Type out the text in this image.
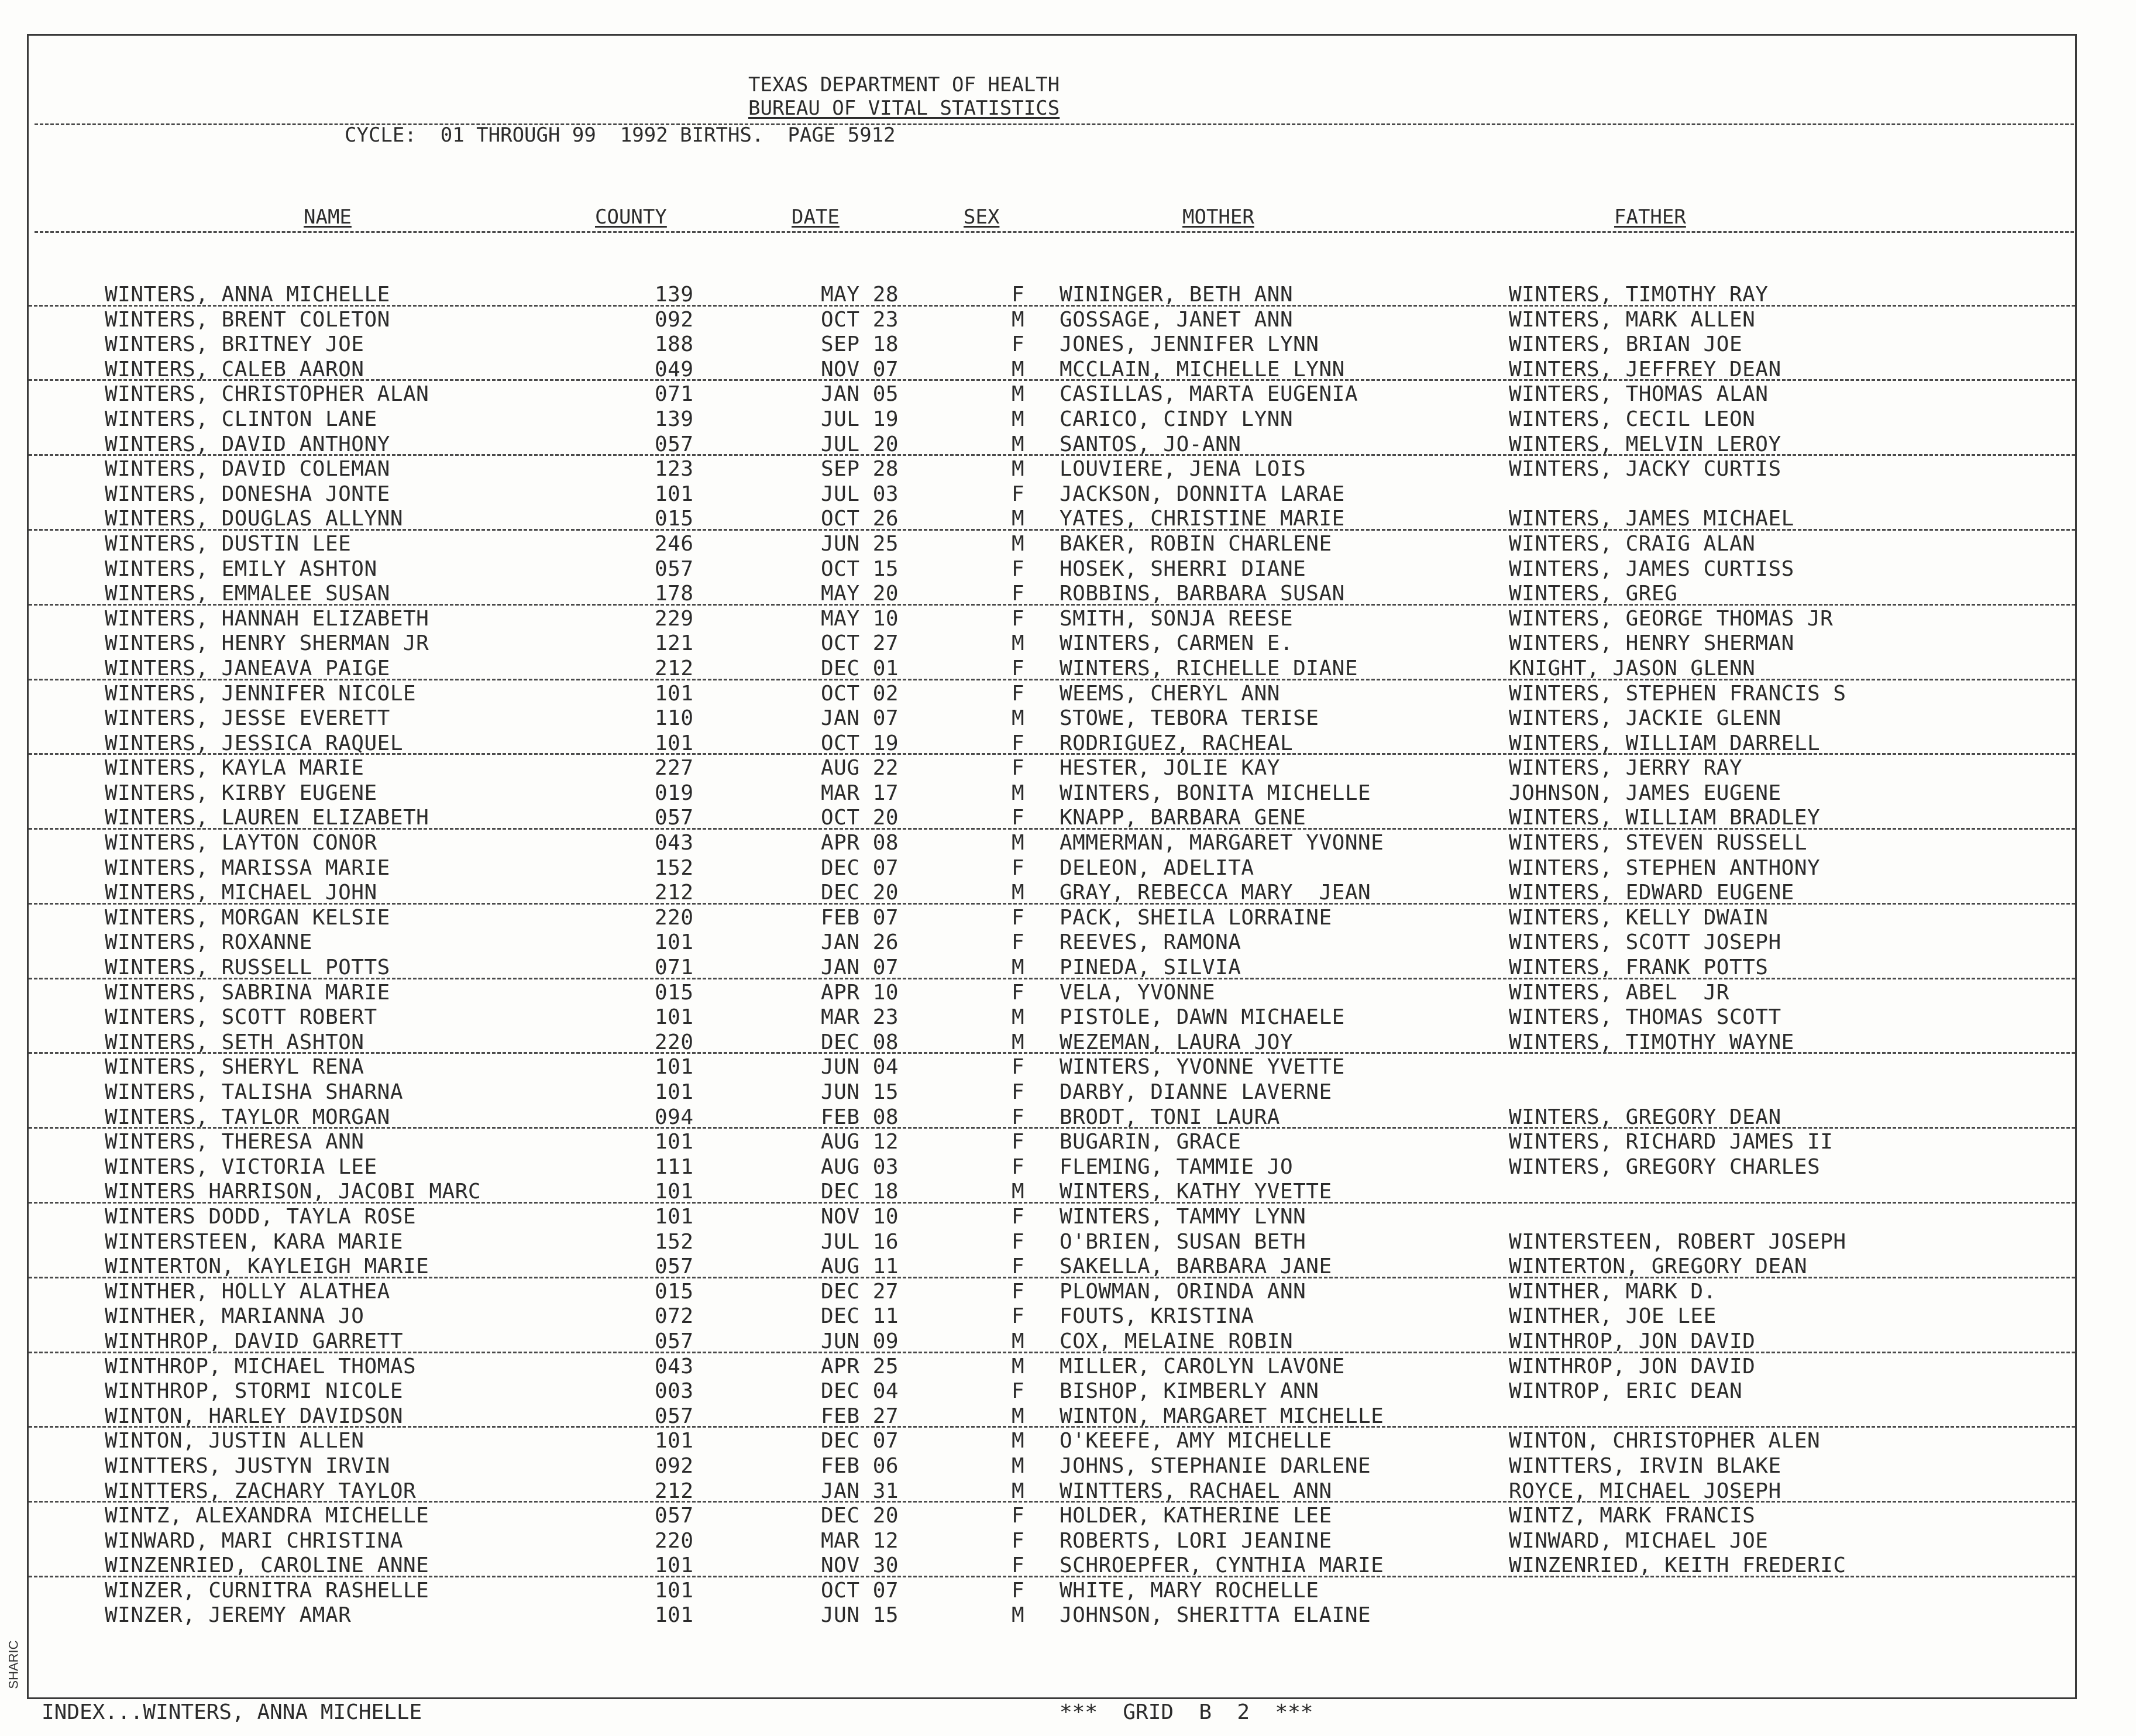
SHARIC
TEXAS DEPARTMENT OF HEALTH
BUREAU OF VITAL STATISTICS
CYCLE:  01 THROUGH 99  1992 BIRTHS.  PAGE 5912
NAME	COUNTY	DATE	SEX	MOTHER	FATHER
WINTERS, ANNA MICHELLE	139	MAY 28	F WININGER, BETH ANN	WINTERS, TIMOTHY RAY
WINTERS, BRENT COLETON	092	OCT 23	M GOSSAGE, JANET ANN	WINTERS, MARK ALLEN
WINTERS, BRITNEY JOE	188	SEP 18	F JONES, JENNIFER LYNN	WINTERS, BRIAN JOE
WINTERS, CALEB AARON	049	NOV 07	M MCCLAIN, MICHELLE LYNN	WINTERS, JEFFREY DEAN
WINTERS, CHRISTOPHER ALAN	071	JAN 05	M CASILLAS, MARTA EUGENIA	WINTERS, THOMAS ALAN
WINTERS, CLINTON LANE	139	JUL 19	M CARICO, CINDY LYNN	WINTERS, CECIL LEON
WINTERS, DAVID ANTHONY	057	JUL 20	M SANTOS, JO-ANN	WINTERS, MELVIN LEROY
WINTERS, DAVID COLEMAN	123	SEP 28	M LOUVIERE, JENA LOIS	WINTERS, JACKY CURTIS
WINTERS, DONESHA JONTE	101	JUL 03	F JACKSON, DONNITA LARAE
WINTERS, DOUGLAS ALLYNN	015	OCT 26	M YATES, CHRISTINE MARIE	WINTERS, JAMES MICHAEL
WINTERS, DUSTIN LEE	246	JUN 25	M BAKER, ROBIN CHARLENE	WINTERS, CRAIG ALAN
WINTERS, EMILY ASHTON	057	OCT 15	F HOSEK, SHERRI DIANE	WINTERS, JAMES CURTISS
WINTERS, EMMALEE SUSAN	178	MAY 20	F ROBBINS, BARBARA SUSAN	WINTERS, GREG
WINTERS, HANNAH ELIZABETH	229	MAY 10	F SMITH, SONJA REESE	WINTERS, GEORGE THOMAS JR
WINTERS, HENRY SHERMAN JR	121	OCT 27	M WINTERS, CARMEN E.	WINTERS, HENRY SHERMAN
WINTERS, JANEAVA PAIGE	212	DEC 01	F WINTERS, RICHELLE DIANE	KNIGHT, JASON GLENN
WINTERS, JENNIFER NICOLE	101	OCT 02	F WEEMS, CHERYL ANN	WINTERS, STEPHEN FRANCIS S
WINTERS, JESSE EVERETT	110	JAN 07	M STOWE, TEBORA TERISE	WINTERS, JACKIE GLENN
WINTERS, JESSICA RAQUEL	101	OCT 19	F RODRIGUEZ, RACHEAL	WINTERS, WILLIAM DARRELL
WINTERS, KAYLA MARIE	227	AUG 22	F HESTER, JOLIE KAY	WINTERS, JERRY RAY
WINTERS, KIRBY EUGENE	019	MAR 17	M WINTERS, BONITA MICHELLE	JOHNSON, JAMES EUGENE
WINTERS, LAUREN ELIZABETH	057	OCT 20	F KNAPP, BARBARA GENE	WINTERS, WILLIAM BRADLEY
WINTERS, LAYTON CONOR	043	APR 08	M AMMERMAN, MARGARET YVONNE	WINTERS, STEVEN RUSSELL
WINTERS, MARISSA MARIE	152	DEC 07	F DELEON, ADELITA	WINTERS, STEPHEN ANTHONY
WINTERS, MICHAEL JOHN	212	DEC 20	M GRAY, REBECCA MARY  JEAN	WINTERS, EDWARD EUGENE
WINTERS, MORGAN KELSIE	220	FEB 07	F PACK, SHEILA LORRAINE	WINTERS, KELLY DWAIN
WINTERS, ROXANNE	101	JAN 26	F REEVES, RAMONA	WINTERS, SCOTT JOSEPH
WINTERS, RUSSELL POTTS	071	JAN 07	M PINEDA, SILVIA	WINTERS, FRANK POTTS
WINTERS, SABRINA MARIE	015	APR 10	F VELA, YVONNE	WINTERS, ABEL  JR
WINTERS, SCOTT ROBERT	101	MAR 23	M PISTOLE, DAWN MICHAELE	WINTERS, THOMAS SCOTT
WINTERS, SETH ASHTON	220	DEC 08	M WEZEMAN, LAURA JOY	WINTERS, TIMOTHY WAYNE
WINTERS, SHERYL RENA	101	JUN 04	F WINTERS, YVONNE YVETTE
WINTERS, TALISHA SHARNA	101	JUN 15	F DARBY, DIANNE LAVERNE
WINTERS, TAYLOR MORGAN	094	FEB 08	F BRODT, TONI LAURA	WINTERS, GREGORY DEAN
WINTERS, THERESA ANN	101	AUG 12	F BUGARIN, GRACE	WINTERS, RICHARD JAMES II
WINTERS, VICTORIA LEE	111	AUG 03	F FLEMING, TAMMIE JO	WINTERS, GREGORY CHARLES
WINTERS HARRISON, JACOBI MARC	101	DEC 18	M WINTERS, KATHY YVETTE
WINTERS DODD, TAYLA ROSE	101	NOV 10	F WINTERS, TAMMY LYNN
WINTERSTEEN, KARA MARIE	152	JUL 16	F O'BRIEN, SUSAN BETH	WINTERSTEEN, ROBERT JOSEPH
WINTERTON, KAYLEIGH MARIE	057	AUG 11	F SAKELLA, BARBARA JANE	WINTERTON, GREGORY DEAN
WINTHER, HOLLY ALATHEA	015	DEC 27	F PLOWMAN, ORINDA ANN	WINTHER, MARK D.
WINTHER, MARIANNA JO	072	DEC 11	F FOUTS, KRISTINA	WINTHER, JOE LEE
WINTHROP, DAVID GARRETT	057	JUN 09	M COX, MELAINE ROBIN	WINTHROP, JON DAVID
WINTHROP, MICHAEL THOMAS	043	APR 25	M MILLER, CAROLYN LAVONE	WINTHROP, JON DAVID
WINTHROP, STORMI NICOLE	003	DEC 04	F BISHOP, KIMBERLY ANN	WINTROP, ERIC DEAN
WINTON, HARLEY DAVIDSON	057	FEB 27	M WINTON, MARGARET MICHELLE
WINTON, JUSTIN ALLEN	101	DEC 07	M O'KEEFE, AMY MICHELLE	WINTON, CHRISTOPHER ALEN
WINTTERS, JUSTYN IRVIN	092	FEB 06	M JOHNS, STEPHANIE DARLENE	WINTTERS, IRVIN BLAKE
WINTTERS, ZACHARY TAYLOR	212	JAN 31	M WINTTERS, RACHAEL ANN	ROYCE, MICHAEL JOSEPH
WINTZ, ALEXANDRA MICHELLE	057	DEC 20	F HOLDER, KATHERINE LEE	WINTZ, MARK FRANCIS
WINWARD, MARI CHRISTINA	220	MAR 12	F ROBERTS, LORI JEANINE	WINWARD, MICHAEL JOE
WINZENRIED, CAROLINE ANNE	101	NOV 30	F SCHROEPFER, CYNTHIA MARIE	WINZENRIED, KEITH FREDERIC
WINZER, CURNITRA RASHELLE	101	OCT 07	F WHITE, MARY ROCHELLE
WINZER, JEREMY AMAR	101	JUN 15	M JOHNSON, SHERITTA ELAINE
INDEX...WINTERS, ANNA MICHELLE	***  GRID  B  2  ***
